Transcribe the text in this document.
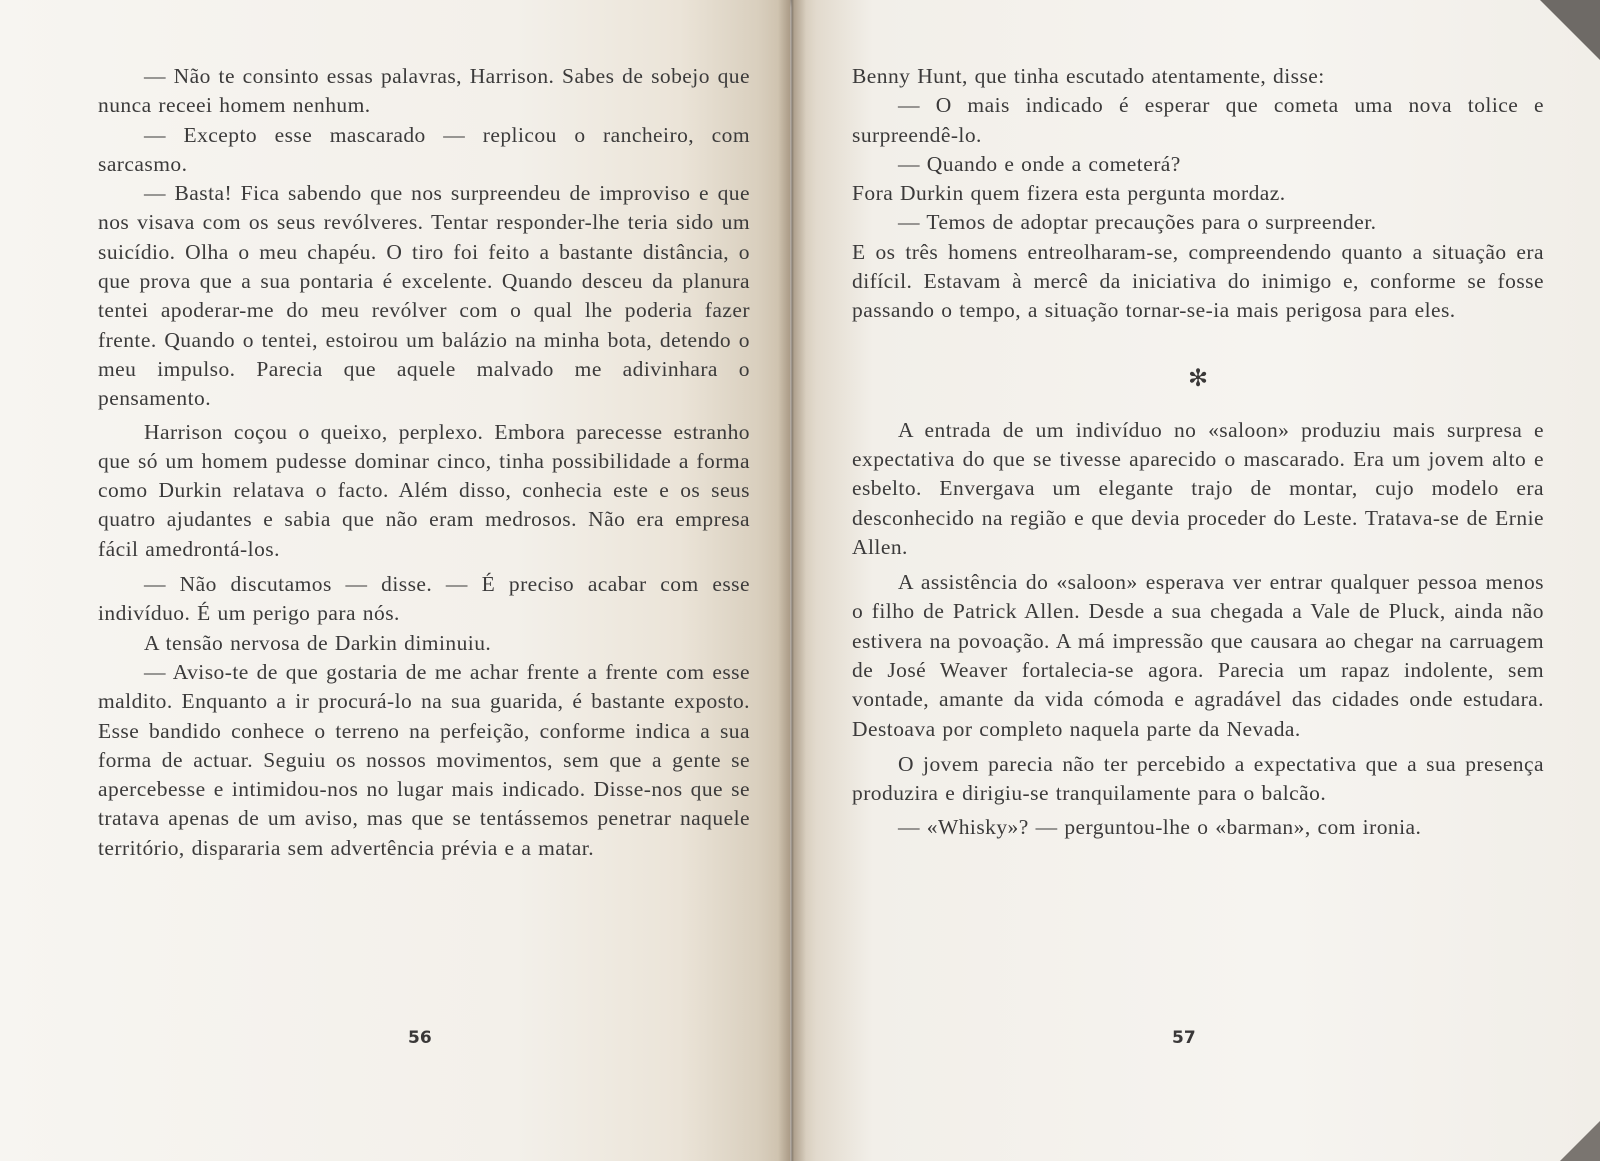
— Não te consinto essas palavras, Harrison. Sabes de sobejo que nunca receei homem nenhum.

— Excepto esse mascarado — replicou o rancheiro, com sarcasmo.

— Basta! Fica sabendo que nos surpreendeu de improviso e que nos visava com os seus revólveres. Tentar responder-lhe teria sido um suicídio. Olha o meu chapéu. O tiro foi feito a bastante distância, o que prova que a sua pontaria é excelente. Quando desceu da planura tentei apoderar-me do meu revólver com o qual lhe poderia fazer frente. Quando o tentei, estoirou um balázio na minha bota, detendo o meu impulso. Parecia que aquele malvado me adivinhara o pensamento.

Harrison coçou o queixo, perplexo. Embora parecesse estranho que só um homem pudesse dominar cinco, tinha possibilidade a forma como Durkin relatava o facto. Além disso, conhecia este e os seus quatro ajudantes e sabia que não eram medrosos. Não era empresa fácil amedrontá-los.

— Não discutamos — disse. — É preciso acabar com esse indivíduo. É um perigo para nós.

A tensão nervosa de Darkin diminuiu.

— Aviso-te de que gostaria de me achar frente a frente com esse maldito. Enquanto a ir procurá-lo na sua guarida, é bastante exposto. Esse bandido conhece o terreno na perfeição, conforme indica a sua forma de actuar. Seguiu os nossos movimentos, sem que a gente se apercebesse e intimidou-nos no lugar mais indicado. Disse-nos que se tratava apenas de um aviso, mas que se tentássemos penetrar naquele território, dispararia sem advertência prévia e a matar.

56

Benny Hunt, que tinha escutado atentamente, disse:

— O mais indicado é esperar que cometa uma nova tolice e surpreendê-lo.

— Quando e onde a cometerá?

Fora Durkin quem fizera esta pergunta mordaz.

— Temos de adoptar precauções para o surpreender.

E os três homens entreolharam-se, compreendendo quanto a situação era difícil. Estavam à mercê da iniciativa do inimigo e, conforme se fosse passando o tempo, a situação tornar-se-ia mais perigosa para eles.

✻

A entrada de um indivíduo no «saloon» produziu mais surpresa e expectativa do que se tivesse aparecido o mascarado. Era um jovem alto e esbelto. Envergava um elegante trajo de montar, cujo modelo era desconhecido na região e que devia proceder do Leste. Tratava-se de Ernie Allen.

A assistência do «saloon» esperava ver entrar qualquer pessoa menos o filho de Patrick Allen. Desde a sua chegada a Vale de Pluck, ainda não estivera na povoação. A má impressão que causara ao chegar na carruagem de José Weaver fortalecia-se agora. Parecia um rapaz indolente, sem vontade, amante da vida cómoda e agradável das cidades onde estudara. Destoava por completo naquela parte da Nevada.

O jovem parecia não ter percebido a expectativa que a sua presença produzira e dirigiu-se tranquilamente para o balcão.

— «Whisky»? — perguntou-lhe o «barman», com ironia.

57
